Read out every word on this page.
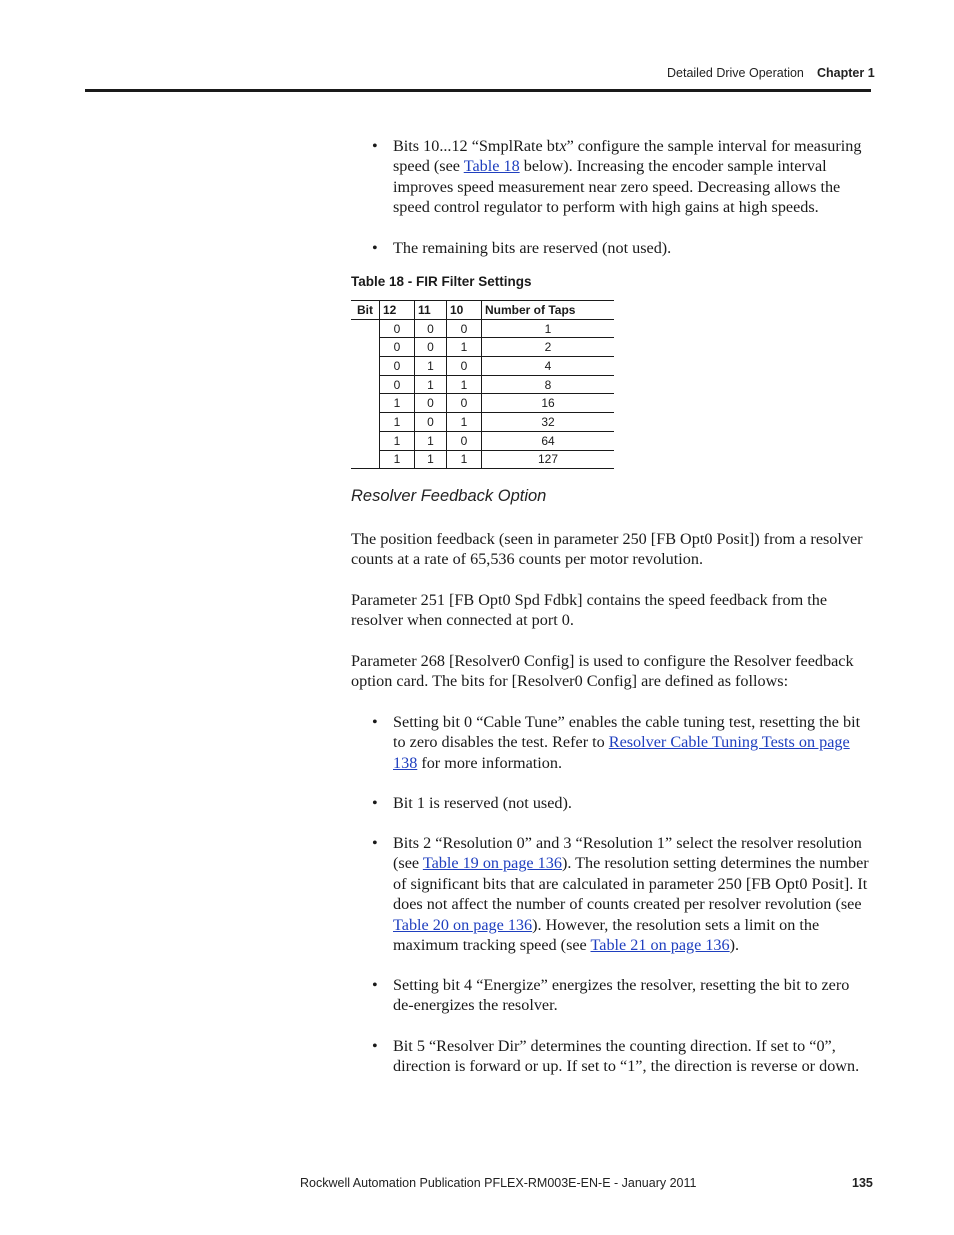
Detailed Drive Operation Chapter 1
• Bits 10...12 “SmplRate btx” configure the sample interval for measuring speed (see Table 18 below). Increasing the encoder sample interval improves speed measurement near zero speed. Decreasing allows the speed control regulator to perform with high gains at high speeds.
• The remaining bits are reserved (not used).
Table 18 - FIR Filter Settings
Bit	12	11	10	Number of Taps
	0	0	0	1
	0	0	1	2
	0	1	0	4
	0	1	1	8
	1	0	0	16
	1	0	1	32
	1	1	0	64
	1	1	1	127
Resolver Feedback Option

The position feedback (seen in parameter 250 [FB Opt0 Posit]) from a resolver counts at a rate of 65,536 counts per motor revolution.

Parameter 251 [FB Opt0 Spd Fdbk] contains the speed feedback from the resolver when connected at port 0.

Parameter 268 [Resolver0 Config] is used to configure the Resolver feedback option card. The bits for [Resolver0 Config] are defined as follows:

• Setting bit 0 “Cable Tune” enables the cable tuning test, resetting the bit to zero disables the test. Refer to Resolver Cable Tuning Tests on page 138 for more information.
• Bit 1 is reserved (not used).
• Bits 2 “Resolution 0” and 3 “Resolution 1” select the resolver resolution (see Table 19 on page 136). The resolution setting determines the number of significant bits that are calculated in parameter 250 [FB Opt0 Posit]. It does not affect the number of counts created per resolver revolution (see Table 20 on page 136). However, the resolution sets a limit on the maximum tracking speed (see Table 21 on page 136).
• Setting bit 4 “Energize” energizes the resolver, resetting the bit to zero de-energizes the resolver.
• Bit 5 “Resolver Dir” determines the counting direction. If set to “0”, direction is forward or up. If set to “1”, the direction is reverse or down.
Rockwell Automation Publication PFLEX-RM003E-EN-E - January 2011	135
